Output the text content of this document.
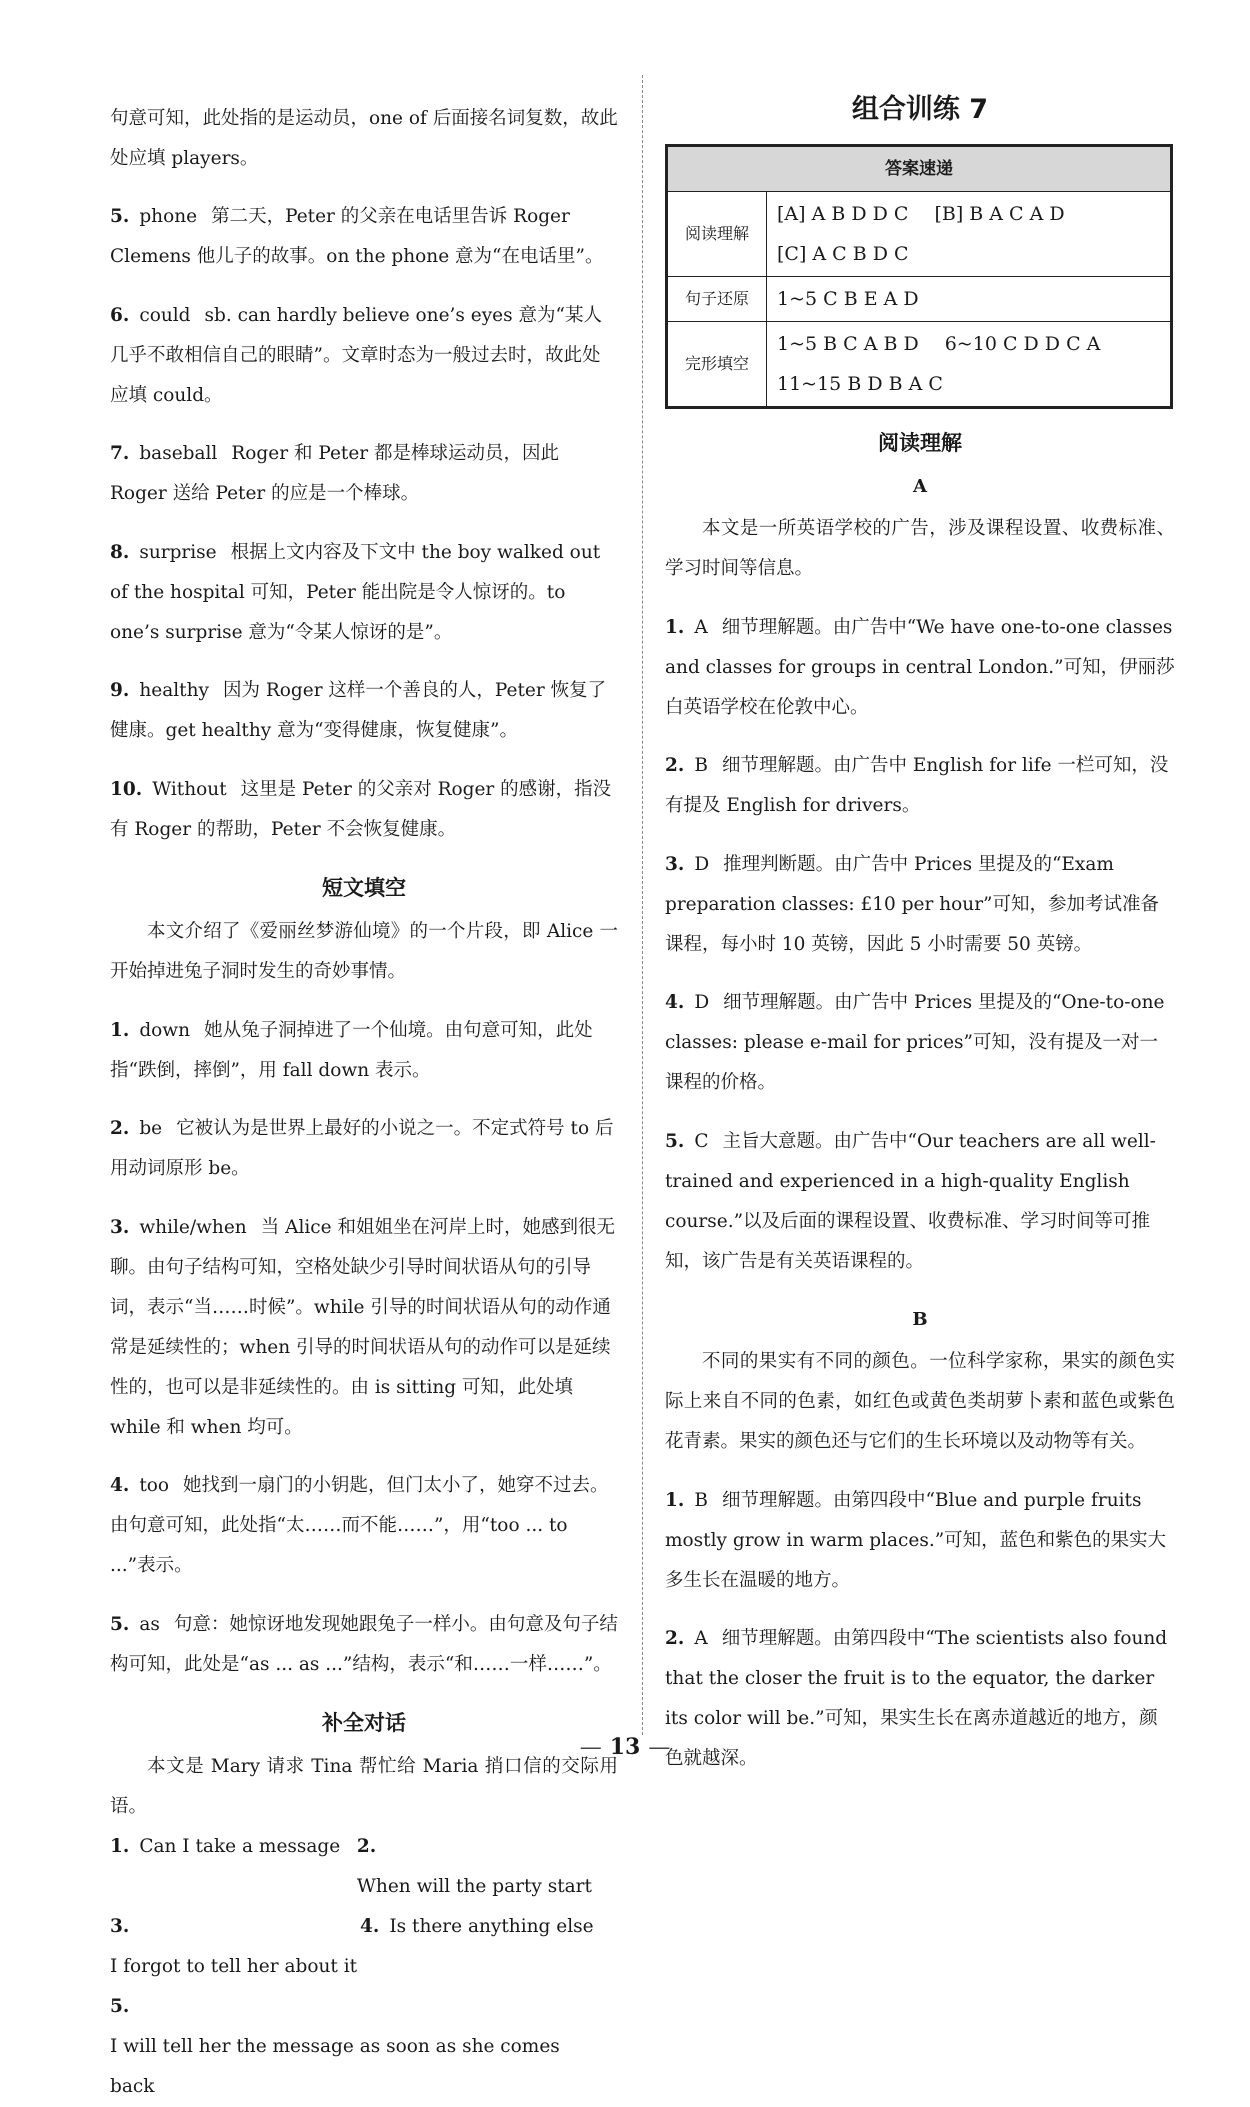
句意可知，此处指的是运动员，one of 后面接名词复数，故此处应填 players。

5. phone 第二天，Peter 的父亲在电话里告诉 Roger Clemens 他儿子的故事。on the phone 意为“在电话里”。

6. could sb. can hardly believe one’s eyes 意为“某人几乎不敢相信自己的眼睛”。文章时态为一般过去时，故此处应填 could。

7. baseball Roger 和 Peter 都是棒球运动员，因此 Roger 送给 Peter 的应是一个棒球。

8. surprise 根据上文内容及下文中 the boy walked out of the hospital 可知，Peter 能出院是令人惊讶的。to one’s surprise 意为“令某人惊讶的是”。

9. healthy 因为 Roger 这样一个善良的人，Peter 恢复了健康。get healthy 意为“变得健康，恢复健康”。

10. Without 这里是 Peter 的父亲对 Roger 的感谢，指没有 Roger 的帮助，Peter 不会恢复健康。

短文填空

本文介绍了《爱丽丝梦游仙境》的一个片段，即 Alice 一开始掉进兔子洞时发生的奇妙事情。

1. down 她从兔子洞掉进了一个仙境。由句意可知，此处指“跌倒，摔倒”，用 fall down 表示。

2. be 它被认为是世界上最好的小说之一。不定式符号 to 后用动词原形 be。

3. while/when 当 Alice 和姐姐坐在河岸上时，她感到很无聊。由句子结构可知，空格处缺少引导时间状语从句的引导词，表示“当……时候”。while 引导的时间状语从句的动作通常是延续性的；when 引导的时间状语从句的动作可以是延续性的，也可以是非延续性的。由 is sitting 可知，此处填 while 和 when 均可。

4. too 她找到一扇门的小钥匙，但门太小了，她穿不过去。由句意可知，此处指“太……而不能……”，用“too ... to ...”表示。

5. as 句意：她惊讶地发现她跟兔子一样小。由句意及句子结构可知，此处是“as ... as ...”结构，表示“和……一样……”。

补全对话

本文是 Mary 请求 Tina 帮忙给 Maria 捎口信的交际用语。

1. Can I take a message 2.When will the party start
3.I forgot to tell her about it
4. Is there anything else
5.I will tell her the message as soon as she comes back
组合训练 7
答案速递	
阅读理解	[A] A B D D C [B] B A C A D
[C] A C B D C

句子还原	1~5 C B E A D

完形填空	1~5 B C A B D 6~10 C D D C A
11~15 B D B A C
阅读理解
A

本文是一所英语学校的广告，涉及课程设置、收费标准、学习时间等信息。

1. A 细节理解题。由广告中“We have one-to-one classes and classes for groups in central London.”可知，伊丽莎白英语学校在伦敦中心。

2. B 细节理解题。由广告中 English for life 一栏可知，没有提及 English for drivers。

3. D 推理判断题。由广告中 Prices 里提及的“Exam preparation classes: £10 per hour”可知，参加考试准备课程，每小时 10 英镑，因此 5 小时需要 50 英镑。

4. D 细节理解题。由广告中 Prices 里提及的“One-to-one classes: please e-mail for prices”可知，没有提及一对一课程的价格。

5. C 主旨大意题。由广告中“Our teachers are all well-trained and experienced in a high-quality English course.”以及后面的课程设置、收费标准、学习时间等可推知，该广告是有关英语课程的。

B

不同的果实有不同的颜色。一位科学家称，果实的颜色实际上来自不同的色素，如红色或黄色类胡萝卜素和蓝色或紫色花青素。果实的颜色还与它们的生长环境以及动物等有关。

1. B 细节理解题。由第四段中“Blue and purple fruits mostly grow in warm places.”可知，蓝色和紫色的果实大多生长在温暖的地方。

2. A 细节理解题。由第四段中“The scientists also found that the closer the fruit is to the equator, the darker its color will be.”可知，果实生长在离赤道越近的地方，颜色就越深。

— 13 —
